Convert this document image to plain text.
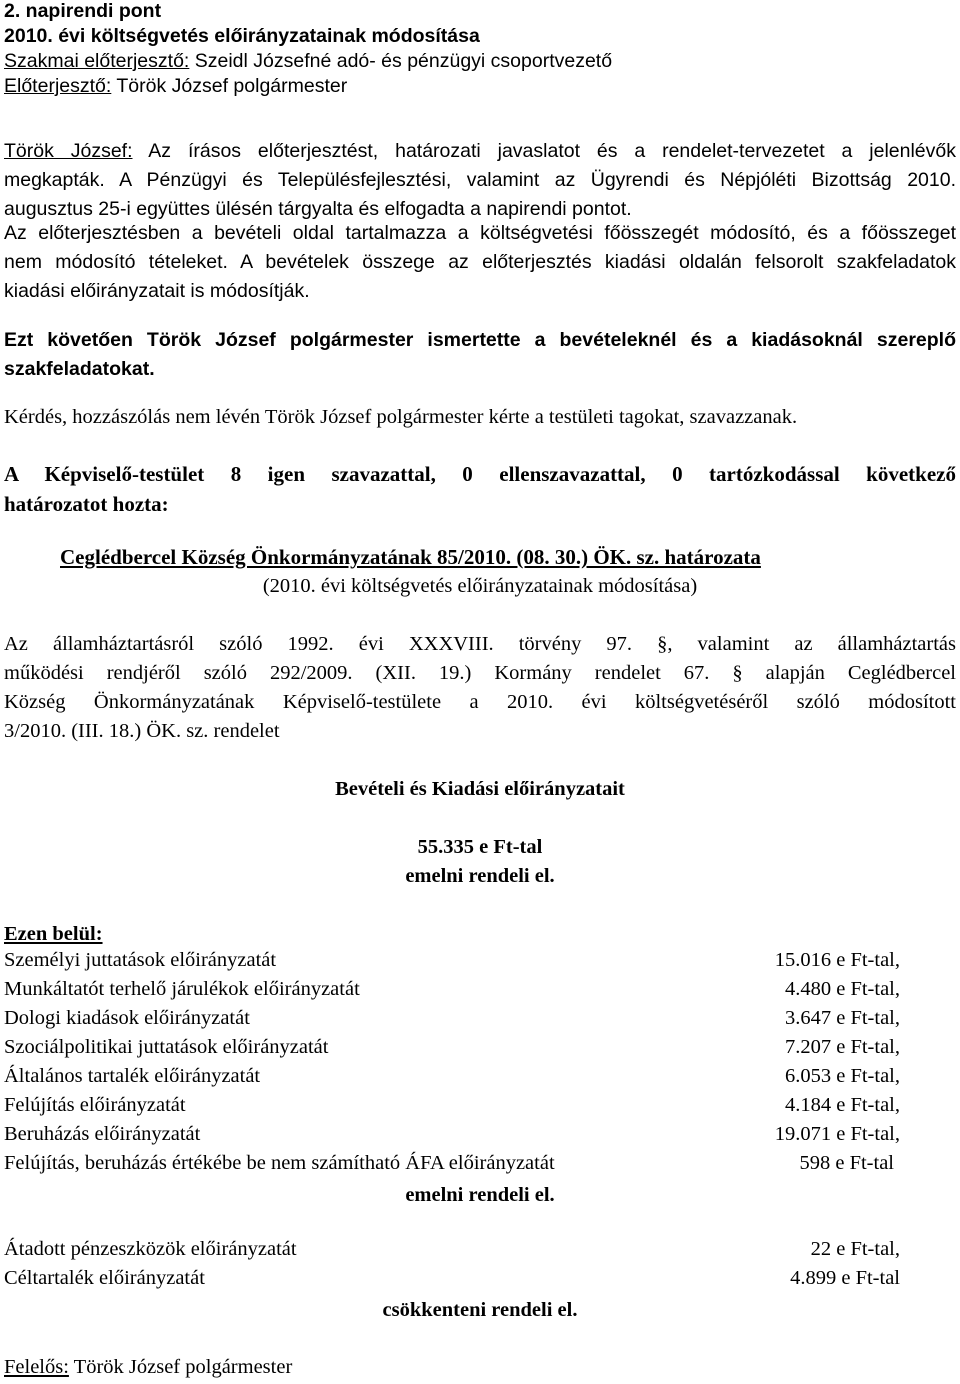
2. napirendi pont
2010. évi költségvetés előirányzatainak módosítása
Szakmai előterjesztő: Szeidl Józsefné adó- és pénzügyi csoportvezető
Előterjesztő: Török József polgármester
Török József: Az írásos előterjesztést, határozati javaslatot és a rendelet-tervezetet a jelenlévők
megkapták. A Pénzügyi és Településfejlesztési, valamint az Ügyrendi és Népjóléti Bizottság 2010.
augusztus 25-i együttes ülésén tárgyalta és elfogadta a napirendi pontot.
Az előterjesztésben a bevételi oldal tartalmazza a költségvetési főösszegét módosító, és a főösszeget
nem módosító tételeket. A bevételek összege az előterjesztés kiadási oldalán felsorolt szakfeladatok
kiadási előirányzatait is módosítják.
Ezt követően Török József polgármester ismertette a bevételeknél és a kiadásoknál szereplő
szakfeladatokat.
Kérdés, hozzászólás nem lévén Török József polgármester kérte a testületi tagokat, szavazzanak.
A Képviselő-testület 8 igen szavazattal, 0 ellenszavazattal, 0 tartózkodással következő
határozatot hozta:
Ceglédbercel Község Önkormányzatának 85/2010. (08. 30.) ÖK. sz. határozata
(2010. évi költségvetés előirányzatainak módosítása)
Az államháztartásról szóló 1992. évi XXXVIII. törvény 97. §, valamint az államháztartás
működési rendjéről szóló 292/2009. (XII. 19.) Kormány rendelet 67. § alapján Ceglédbercel
Község Önkormányzatának Képviselő-testülete a 2010. évi költségvetéséről szóló módosított
3/2010. (III. 18.) ÖK. sz. rendelet
Bevételi és Kiadási előirányzatait
55.335 e Ft-tal
emelni rendeli el.
Ezen belül:
Személyi juttatások előirányzatát	15.016 e Ft-tal,
Munkáltatót terhelő járulékok előirányzatát	4.480 e Ft-tal,
Dologi kiadások előirányzatát	3.647 e Ft-tal,
Szociálpolitikai juttatások előirányzatát	7.207 e Ft-tal,
Általános tartalék előirányzatát	6.053 e Ft-tal,
Felújítás előirányzatát	4.184 e Ft-tal,
Beruházás előirányzatát	19.071 e Ft-tal,
Felújítás, beruházás értékébe be nem számítható ÁFA előirányzatát	598 e Ft-tal
emelni rendeli el.
Átadott pénzeszközök előirányzatát	22 e Ft-tal,
Céltartalék előirányzatát	4.899 e Ft-tal
csökkenteni rendeli el.
Felelős: Török József polgármester
